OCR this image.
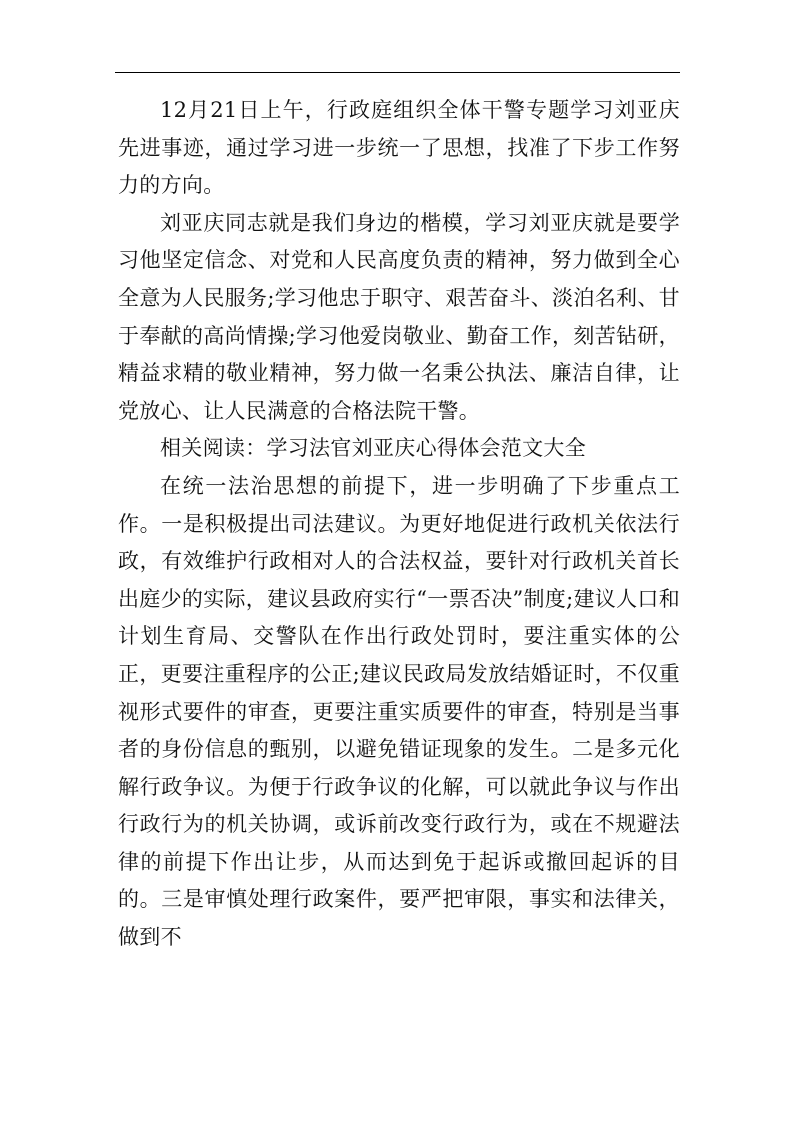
12月21日上午，行政庭组织全体干警专题学习刘亚庆先进事迹，通过学习进一步统一了思想，找准了下步工作努力的方向。

刘亚庆同志就是我们身边的楷模，学习刘亚庆就是要学习他坚定信念、对党和人民高度负责的精神，努力做到全心全意为人民服务;学习他忠于职守、艰苦奋斗、淡泊名利、甘于奉献的高尚情操;学习他爱岗敬业、勤奋工作，刻苦钻研，精益求精的敬业精神，努力做一名秉公执法、廉洁自律，让党放心、让人民满意的合格法院干警。

相关阅读：学习法官刘亚庆心得体会范文大全

在统一法治思想的前提下，进一步明确了下步重点工作。一是积极提出司法建议。为更好地促进行政机关依法行政，有效维护行政相对人的合法权益，要针对行政机关首长出庭少的实际，建议县政府实行“一票否决”制度;建议人口和计划生育局、交警队在作出行政处罚时，要注重实体的公正，更要注重程序的公正;建议民政局发放结婚证时，不仅重视形式要件的审查，更要注重实质要件的审查，特别是当事者的身份信息的甄别，以避免错证现象的发生。二是多元化解行政争议。为便于行政争议的化解，可以就此争议与作出行政行为的机关协调，或诉前改变行政行为，或在不规避法律的前提下作出让步，从而达到免于起诉或撤回起诉的目的。三是审慎处理行政案件，要严把审限，事实和法律关，做到不
